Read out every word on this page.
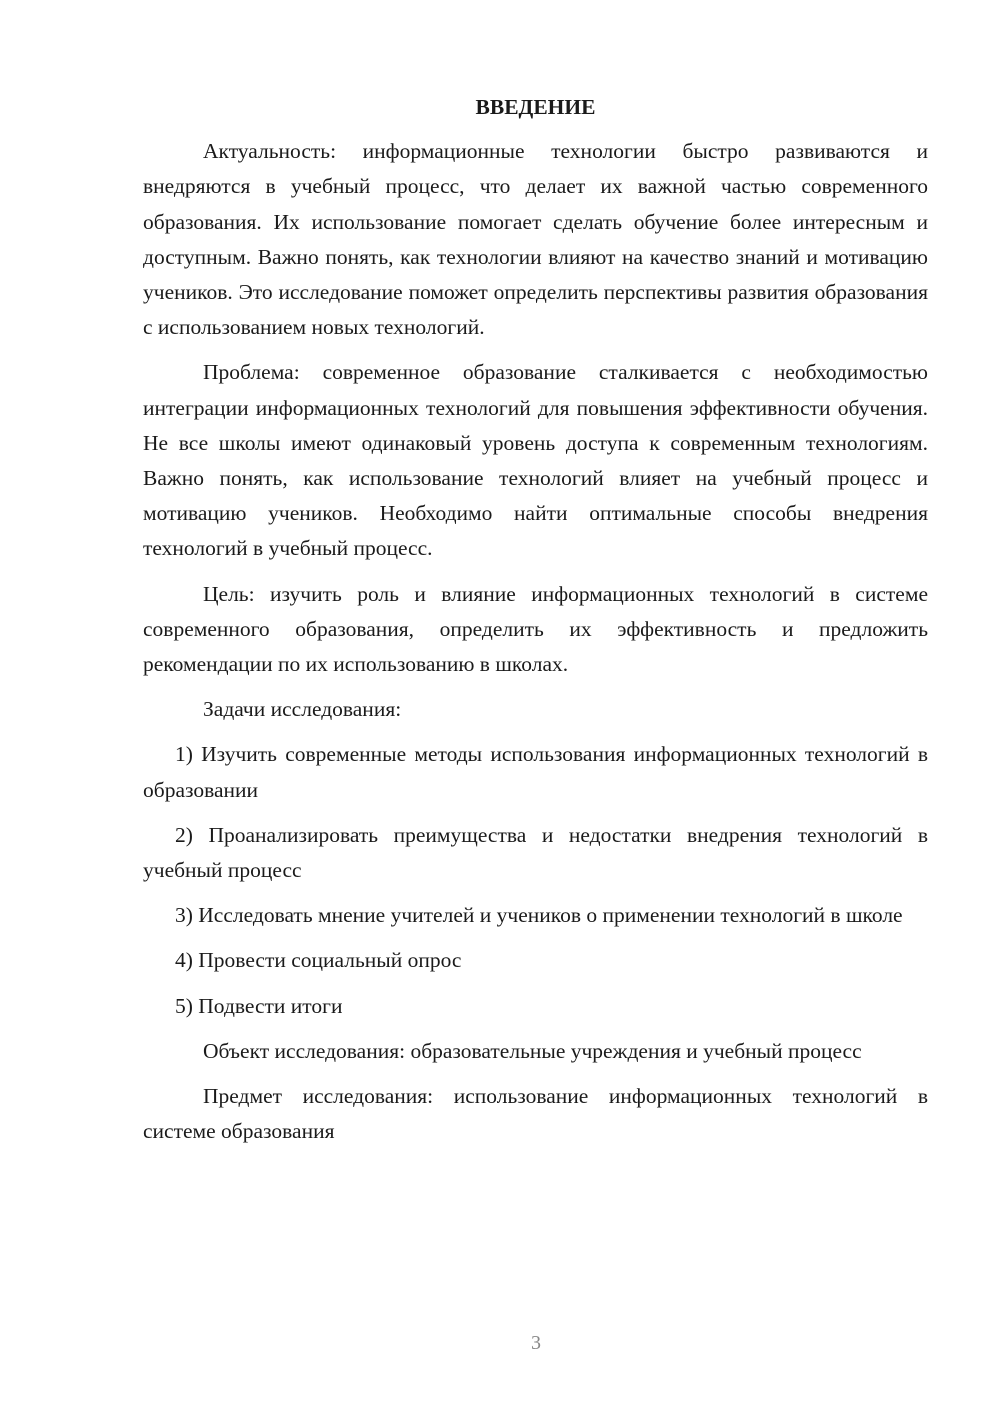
ВВЕДЕНИЕ

Актуальность: информационные технологии быстро развиваются и внедряются в учебный процесс, что делает их важной частью современного образования. Их использование помогает сделать обучение более интересным и доступным. Важно понять, как технологии влияют на качество знаний и мотивацию учеников. Это исследование поможет определить перспективы развития образования с использованием новых технологий.

Проблема: современное образование сталкивается с необходимостью интеграции информационных технологий для повышения эффективности обучения. Не все школы имеют одинаковый уровень доступа к современным технологиям. Важно понять, как использование технологий влияет на учебный процесс и мотивацию учеников. Необходимо найти оптимальные способы внедрения технологий в учебный процесс.

Цель: изучить роль и влияние информационных технологий в системе современного образования, определить их эффективность и предложить рекомендации по их использованию в школах.

Задачи исследования:

1) Изучить современные методы использования информационных технологий в образовании

2) Проанализировать преимущества и недостатки внедрения технологий в учебный процесс

3) Исследовать мнение учителей и учеников о применении технологий в школе

4) Провести социальный опрос

5) Подвести итоги

Объект исследования: образовательные учреждения и учебный процесс

Предмет исследования: использование информационных технологий в системе образования

3
